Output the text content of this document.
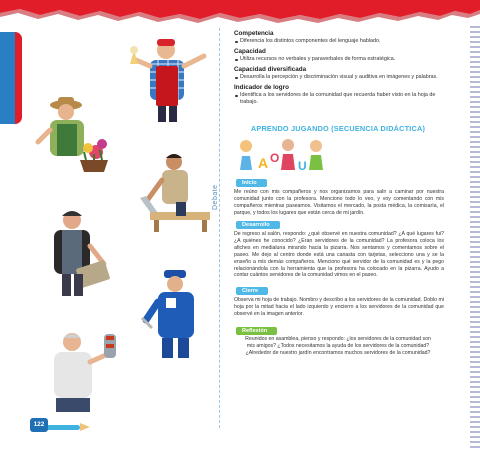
Debate
Competencia
Diferencia los distintos componentes del lenguaje hablado.
Capacidad
Utiliza recursos no verbales y paraverbales de forma estratégica.
Capacidad diversificada
Desarrolla la percepción y discriminación visual y auditiva en imágenes y palabras.
Indicador de logro
Identifica a los servidores de la comunidad que recuerda haber visto en la hoja de trabajo.
APRENDO JUGANDO (SECUENCIA DIDÁCTICA)
A O
U
Inicio
Me reúno con mis compañeros y nos organizamos para salir a caminar por nuestra comunidad junto con la profesora. Menciono todo lo veo, y voy comentando con mis compañeros mientras paseamos. Visitamos el mercado, la posta médica, la comisaría, el parque, y todos los lugares que están cerca de mi jardín.
Desarrollo
De regreso al salón, respondo: ¿qué observé en nuestra comunidad? ¿A qué lugares fui? ¿A quiénes he conocido? ¿Eran servidores de la comunidad? La profesora coloca los afiches en medialuna mirando hacia la pizarra. Nos sentamos y comentamos sobre el paseo. Me dejo al centro donde está una canasta con tarjetas, selecciono una y se la enseño a mis demás compañeros. Menciono qué servidor de la comunidad es y la pego relacionándola con la herramienta que la profesora ha colocado en la pizarra. Ayudo a contar cuántos servidores de la comunidad vimos en el paseo.
Cierre
Observa mi hoja de trabajo. Nombro y describo a los servidores de la comunidad. Doblo mi hoja por la mitad hacia el lado izquierdo y encierro a los servidores de la comunidad que observé en la imagen anterior.
Reflexión
Reunidos en asamblea, pienso y respondo: ¿los servidores de la comunidad son mis amigos? ¿Todos necesitamos la ayuda de los servidores de la comunidad? ¿Alrededor de nuestro jardín encontramos muchos servidores de la comunidad?
122
